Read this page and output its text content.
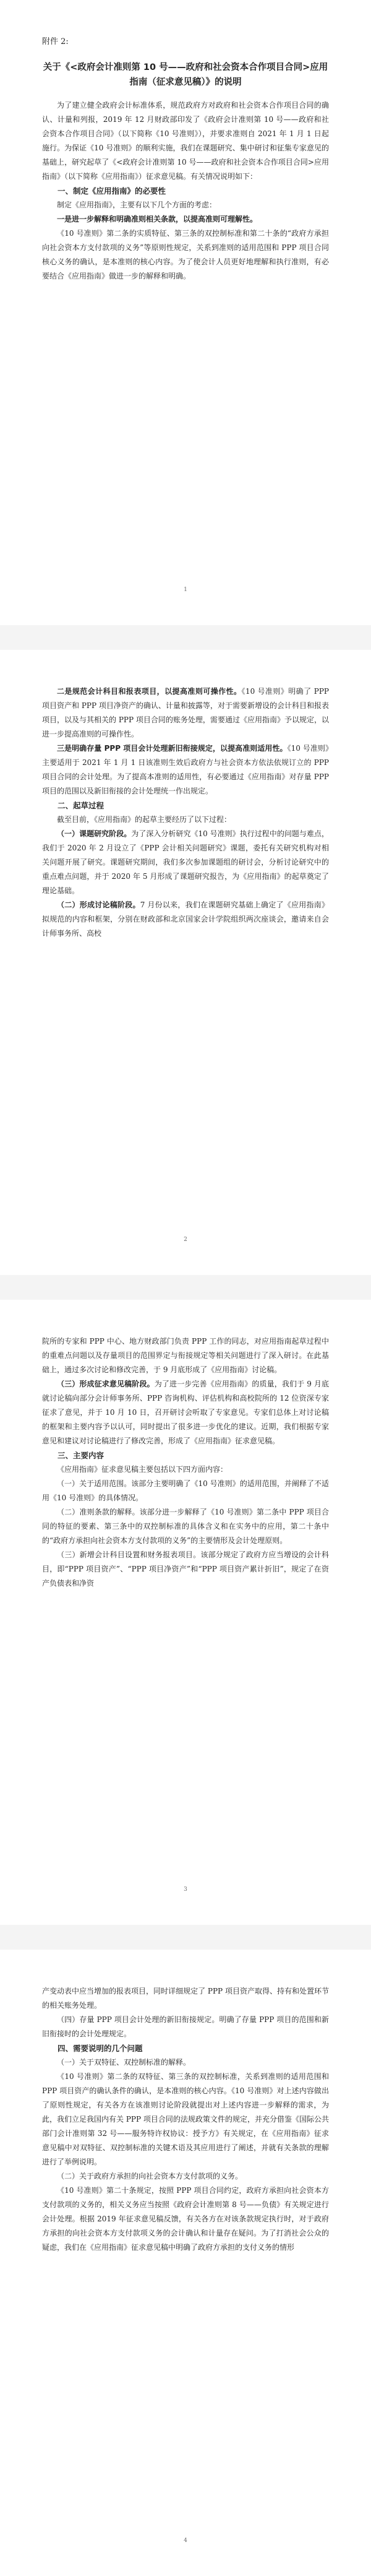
附件 2:
关于《<政府会计准则第 10 号——政府和社会资本合作项目合同>应用指南（征求意见稿）》的说明

为了建立健全政府会计标准体系，规范政府方对政府和社会资本合作项目合同的确认、计量和列报，2019 年 12 月财政部印发了《政府会计准则第 10 号——政府和社会资本合作项目合同》（以下简称《10 号准则》），并要求准则自 2021 年 1 月 1 日起施行。为保证《10 号准则》的顺利实施，我们在课题研究、集中研讨和征集专家意见的基础上，研究起草了《<政府会计准则第 10 号——政府和社会资本合作项目合同>应用指南》（以下简称《应用指南》）征求意见稿。有关情况说明如下：

一、制定《应用指南》的必要性

制定《应用指南》，主要有以下几个方面的考虑：

一是进一步解释和明确准则相关条款，以提高准则可理解性。

《10 号准则》第二条的实质特征、第三条的双控制标准和第二十条的“政府方承担向社会资本方支付款项的义务”等原则性规定，关系到准则的适用范围和 PPP 项目合同核心义务的确认，是本准则的核心内容。为了使会计人员更好地理解和执行准则，有必要结合《应用指南》做进一步的解释和明确。

1

二是规范会计科目和报表项目，以提高准则可操作性。《10 号准则》明确了 PPP 项目资产和 PPP 项目净资产的确认、计量和披露等，对于需要新增设的会计科目和报表项目，以及与其相关的 PPP 项目合同的账务处理，需要通过《应用指南》予以规定，以进一步提高准则的可操作性。

三是明确存量 PPP 项目会计处理新旧衔接规定，以提高准则适用性。《10 号准则》主要适用于 2021 年 1 月 1 日该准则生效后政府方与社会资本方依法依规订立的 PPP 项目合同的会计处理。为了提高本准则的适用性，有必要通过《应用指南》对存量 PPP 项目的范围以及新旧衔接的会计处理统一作出规定。

二、起草过程

截至目前，《应用指南》的起草主要经历了以下过程：

（一）课题研究阶段。为了深入分析研究《10 号准则》执行过程中的问题与难点，我们于 2020 年 2 月设立了《PPP 会计相关问题研究》课题，委托有关研究机构对相关问题开展了研究。课题研究期间，我们多次参加课题组的研讨会，分析讨论研究中的重点难点问题，并于 2020 年 5 月形成了课题研究报告，为《应用指南》的起草奠定了理论基础。

（二）形成讨论稿阶段。7 月份以来，我们在课题研究基础上确定了《应用指南》拟规范的内容和框架，分别在财政部和北京国家会计学院组织两次座谈会，邀请来自会计师事务所、高校

2

院所的专家和 PPP 中心、地方财政部门负责 PPP 工作的同志，对应用指南起草过程中的重难点问题以及存量项目的范围界定与衔接规定等相关问题进行了深入研讨。在此基础上，通过多次讨论和修改完善，于 9 月底形成了《应用指南》讨论稿。

（三）形成征求意见稿阶段。为了进一步完善《应用指南》的质量，我们于 9 月底就讨论稿向部分会计师事务所、PPP 咨询机构、评估机构和高校院所的 12 位资深专家征求了意见，并于 10 月 10 日，召开研讨会听取了专家意见。专家们总体上对讨论稿的框架和主要内容予以认可，同时提出了很多进一步优化的建议。近期，我们根据专家意见和建议对讨论稿进行了修改完善，形成了《应用指南》征求意见稿。

三、主要内容

《应用指南》征求意见稿主要包括以下四方面内容：

（一）关于适用范围。该部分主要明确了《10 号准则》的适用范围，并阐释了不适用《10 号准则》的具体情况。

（二）准则条款的解释。该部分进一步解释了《10 号准则》第二条中 PPP 项目合同的特征的要素、第三条中的双控制标准的具体含义和在实务中的应用，第二十条中的“政府方承担向社会资本方支付款项的义务”的主要情形及会计处理原则。

（三）新增会计科目设置和财务报表项目。该部分规定了政府方应当增设的会计科目，即“PPP 项目资产”、“PPP 项目净资产”和“PPP 项目资产累计折旧”，规定了在资产负债表和净资

3

产变动表中应当增加的报表项目，同时详细规定了 PPP 项目资产取得、持有和处置环节的相关账务处理。

（四）存量 PPP 项目会计处理的新旧衔接规定。明确了存量 PPP 项目的范围和新旧衔接时的会计处理规定。

四、需要说明的几个问题

（一）关于双特征、双控制标准的解释。

《10 号准则》第二条的双特征、第三条的双控制标准，关系到准则的适用范围和 PPP 项目资产的确认条件的确认，是本准则的核心内容。《10 号准则》对上述内容做出了原则性规定，有关各方在该准则讨论阶段就提出对上述内容进一步解释的需求，为此，我们立足我国内有关 PPP 项目合同的法规政策文件的规定，并充分借鉴《国际公共部门会计准则第 32 号——服务特许权协议：授予方》有关规定，在《应用指南》征求意见稿中对双特征、双控制标准的关键术语及其应用进行了阐述，并就有关条款的理解进行了举例说明。

（二）关于政府方承担的向社会资本方支付款项的义务。

《10 号准则》第二十条规定，按照 PPP 项目合同约定，政府方承担向社会资本方支付款项的义务的，相关义务应当按照《政府会计准则第 8 号——负债》有关规定进行会计处理。根据 2019 年征求意见稿反馈，有关各方在对该条款规定执行时，对于政府方承担的向社会资本方支付款项义务的会计确认和计量存在疑问。为了打消社会公众的疑虑，我们在《应用指南》征求意见稿中明确了政府方承担的支付义务的情形

4
